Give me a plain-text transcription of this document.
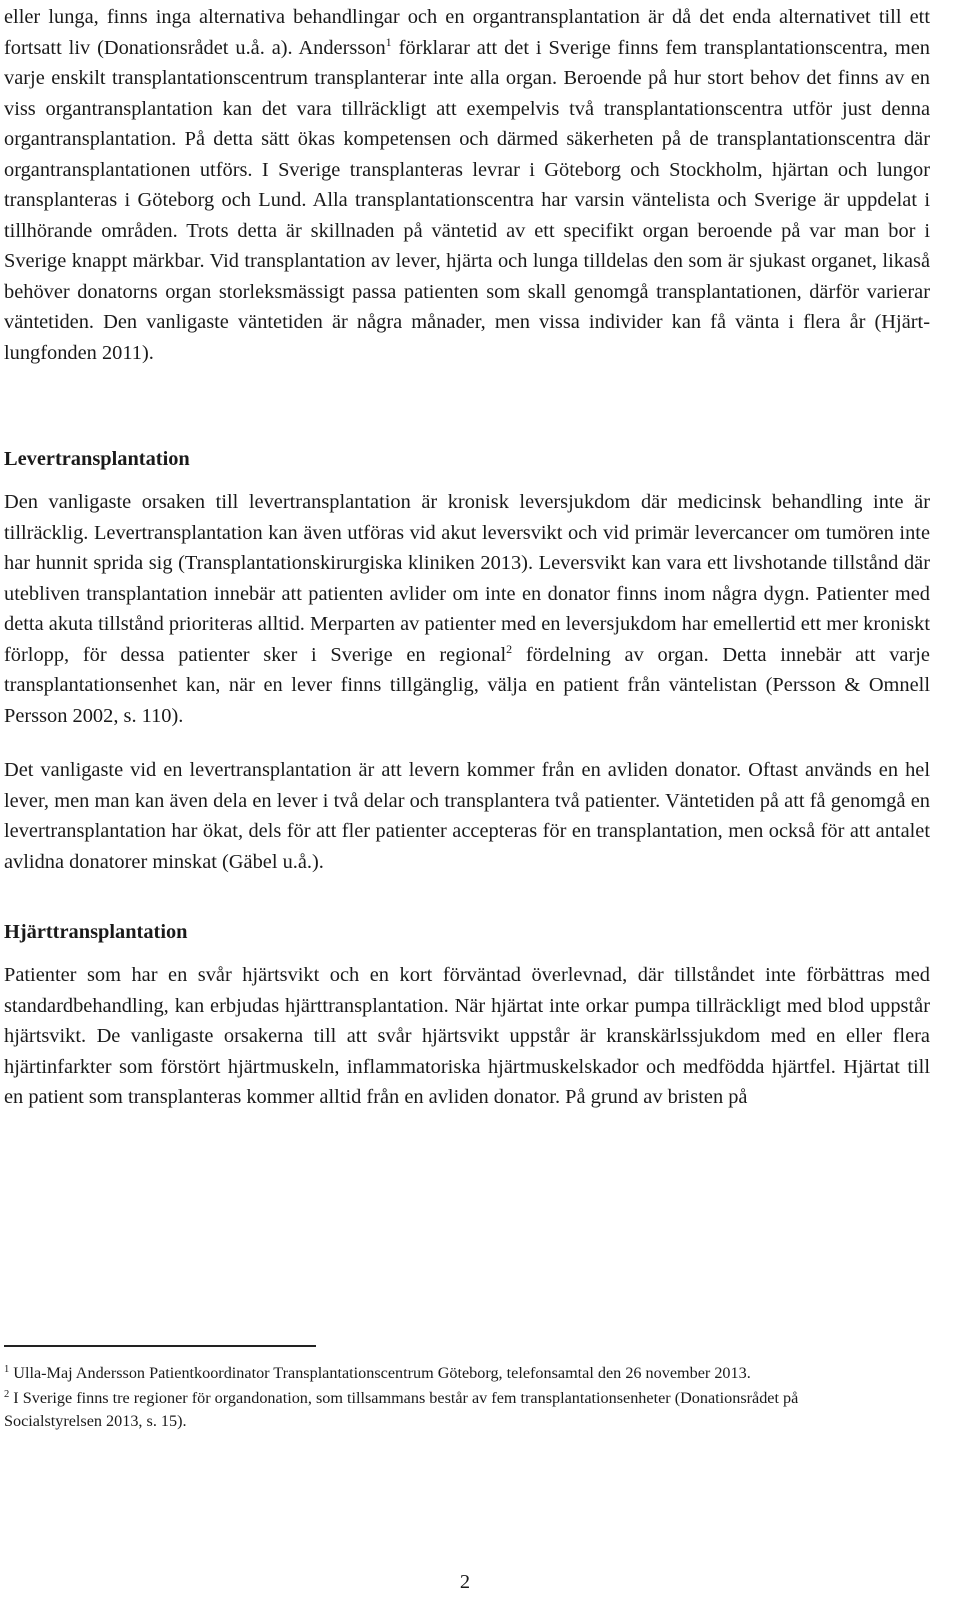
eller lunga, finns inga alternativa behandlingar och en organtransplantation är då det enda alternativet till ett fortsatt liv (Donationsrådet u.å. a). Andersson$^1$ förklarar att det i Sverige finns fem transplantationscentra, men varje enskilt transplantationscentrum transplanterar inte alla organ. Beroende på hur stort behov det finns av en viss organtransplantation kan det vara tillräckligt att exempelvis två transplantationscentra utför just denna organtransplantation. På detta sätt ökas kompetensen och därmed säkerheten på de transplantationscentra där organtransplantationen utförs. I Sverige transplanteras levrar i Göteborg och Stockholm, hjärtan och lungor transplanteras i Göteborg och Lund. Alla transplantationscentra har varsin väntelista och Sverige är uppdelat i tillhörande områden. Trots detta är skillnaden på väntetid av ett specifikt organ beroende på var man bor i Sverige knappt märkbar. Vid transplantation av lever, hjärta och lunga tilldelas den som är sjukast organet, likaså behöver donatorns organ storleksmässigt passa patienten som skall genomgå transplantationen, därför varierar väntetiden. Den vanligaste väntetiden är några månader, men vissa individer kan få vänta i flera år (Hjärt-lungfonden 2011).

Levertransplantation

Den vanligaste orsaken till levertransplantation är kronisk leversjukdom där medicinsk behandling inte är tillräcklig. Levertransplantation kan även utföras vid akut leversvikt och vid primär levercancer om tumören inte har hunnit sprida sig (Transplantationskirurgiska kliniken 2013). Leversvikt kan vara ett livshotande tillstånd där utebliven transplantation innebär att patienten avlider om inte en donator finns inom några dygn. Patienter med detta akuta tillstånd prioriteras alltid. Merparten av patienter med en leversjukdom har emellertid ett mer kroniskt förlopp, för dessa patienter sker i Sverige en regional$^2$ fördelning av organ. Detta innebär att varje transplantationsenhet kan, när en lever finns tillgänglig, välja en patient från väntelistan (Persson & Omnell Persson 2002, s. 110).

Det vanligaste vid en levertransplantation är att levern kommer från en avliden donator. Oftast används en hel lever, men man kan även dela en lever i två delar och transplantera två patienter. Väntetiden på att få genomgå en levertransplantation har ökat, dels för att fler patienter accepteras för en transplantation, men också för att antalet avlidna donatorer minskat (Gäbel u.å.).

Hjärttransplantation

Patienter som har en svår hjärtsvikt och en kort förväntad överlevnad, där tillståndet inte förbättras med standardbehandling, kan erbjudas hjärttransplantation. När hjärtat inte orkar pumpa tillräckligt med blod uppstår hjärtsvikt. De vanligaste orsakerna till att svår hjärtsvikt uppstår är kranskärlssjukdom med en eller flera hjärtinfarkter som förstört hjärtmuskeln, inflammatoriska hjärtmuskelskador och medfödda hjärtfel. Hjärtat till en patient som transplanteras kommer alltid från en avliden donator. På grund av bristen på

$^1$ Ulla-Maj Andersson Patientkoordinator Transplantationscentrum Göteborg, telefonsamtal den 26 november 2013.

$^2$ I Sverige finns tre regioner för organdonation, som tillsammans består av fem transplantationsenheter (Donationsrådet på Socialstyrelsen 2013, s. 15).

2
